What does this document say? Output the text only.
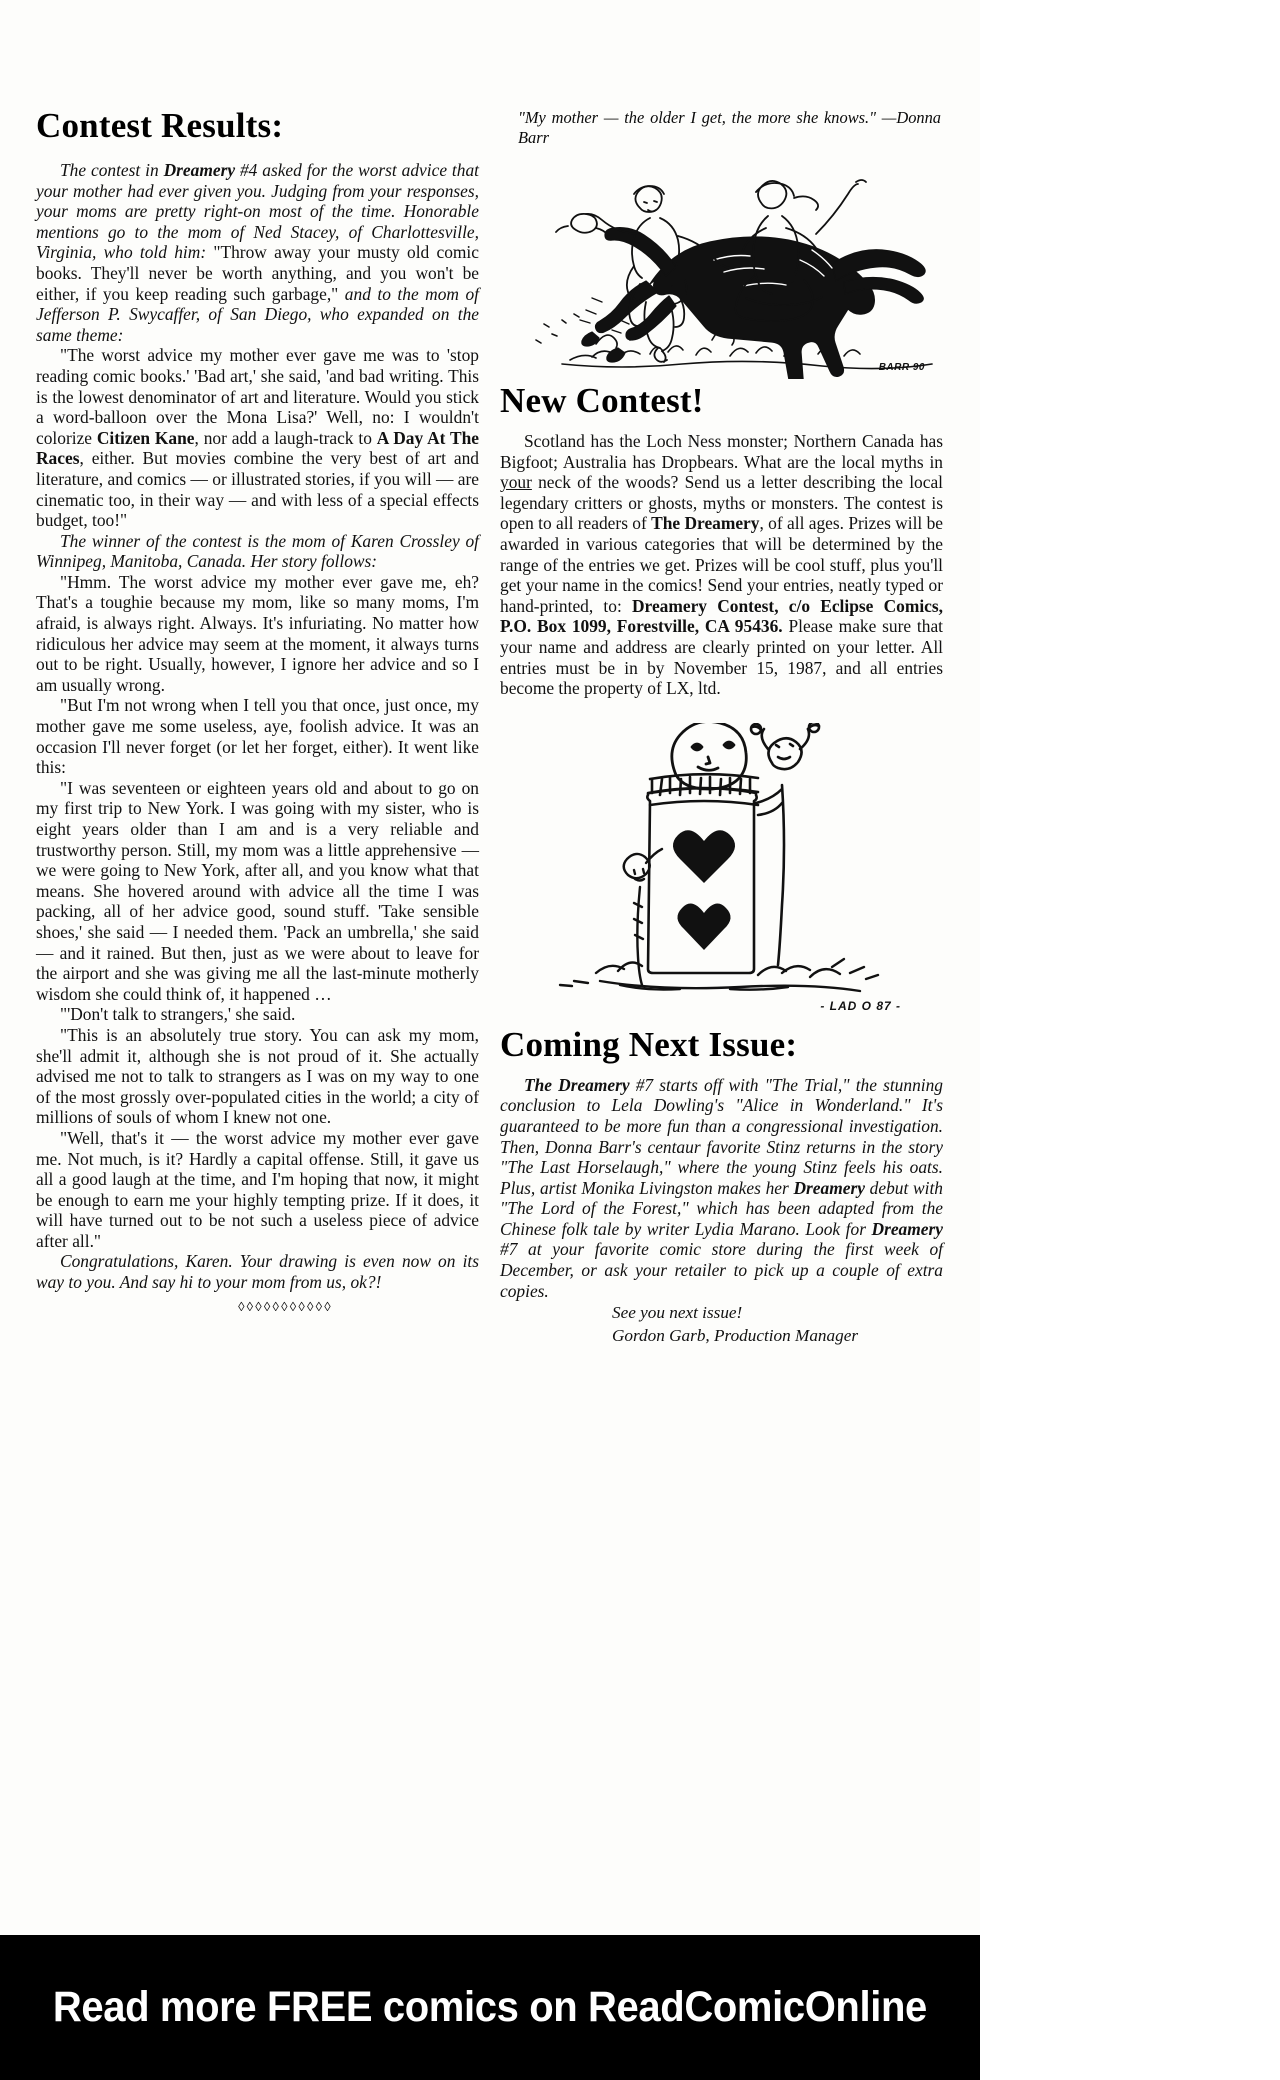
Contest Results:

The contest in Dreamery #4 asked for the worst advice that your mother had ever given you. Judging from your responses, your moms are pretty right-on most of the time. Honorable mentions go to the mom of Ned Stacey, of Charlottesville, Virginia, who told him: "Throw away your musty old comic books. They'll never be worth anything, and you won't be either, if you keep reading such garbage," and to the mom of Jefferson P. Swycaffer, of San Diego, who expanded on the same theme:

"The worst advice my mother ever gave me was to 'stop reading comic books.' 'Bad art,' she said, 'and bad writing. This is the lowest denominator of art and literature. Would you stick a word-balloon over the Mona Lisa?' Well, no: I wouldn't colorize Citizen Kane, nor add a laugh-track to A Day At The Races, either. But movies combine the very best of art and literature, and comics — or illustrated stories, if you will — are cinematic too, in their way — and with less of a special effects budget, too!"

The winner of the contest is the mom of Karen Crossley of Winnipeg, Manitoba, Canada. Her story follows:

"Hmm. The worst advice my mother ever gave me, eh? That's a toughie because my mom, like so many moms, I'm afraid, is always right. Always. It's infuriating. No matter how ridiculous her advice may seem at the moment, it always turns out to be right. Usually, however, I ignore her advice and so I am usually wrong.

"But I'm not wrong when I tell you that once, just once, my mother gave me some useless, aye, foolish advice. It was an occasion I'll never forget (or let her forget, either). It went like this:

"I was seventeen or eighteen years old and about to go on my first trip to New York. I was going with my sister, who is eight years older than I am and is a very reliable and trustworthy person. Still, my mom was a little apprehensive — we were going to New York, after all, and you know what that means. She hovered around with advice all the time I was packing, all of her advice good, sound stuff. 'Take sensible shoes,' she said — I needed them. 'Pack an umbrella,' she said — and it rained. But then, just as we were about to leave for the airport and she was giving me all the last-minute motherly wisdom she could think of, it happened …

"'Don't talk to strangers,' she said.

"This is an absolutely true story. You can ask my mom, she'll admit it, although she is not proud of it. She actually advised me not to talk to strangers as I was on my way to one of the most grossly over-populated cities in the world; a city of millions of souls of whom I knew not one.

"Well, that's it — the worst advice my mother ever gave me. Not much, is it? Hardly a capital offense. Still, it gave us all a good laugh at the time, and I'm hoping that now, it might be enough to earn me your highly tempting prize. If it does, it will have turned out to be not such a useless piece of advice after all."

Congratulations, Karen. Your drawing is even now on its way to you. And say hi to your mom from us, ok?!

◊◊◊◊◊◊◊◊◊◊◊
"My mother — the older I get, the more she knows." —Donna Barr
BARR 90
New Contest!

Scotland has the Loch Ness monster; Northern Canada has Bigfoot; Australia has Dropbears. What are the local myths in your neck of the woods? Send us a letter describing the local legendary critters or ghosts, myths or monsters. The contest is open to all readers of The Dreamery, of all ages. Prizes will be awarded in various categories that will be determined by the range of the entries we get. Prizes will be cool stuff, plus you'll get your name in the comics! Send your entries, neatly typed or hand-printed, to: Dreamery Contest, c/o Eclipse Comics, P.O. Box 1099, Forestville, CA 95436. Please make sure that your name and address are clearly printed on your letter. All entries must be in by November 15, 1987, and all entries become the property of LX, ltd.

- LAD O 87 -
Coming Next Issue:

The Dreamery #7 starts off with "The Trial," the stunning conclusion to Lela Dowling's "Alice in Wonderland." It's guaranteed to be more fun than a congressional investigation. Then, Donna Barr's centaur favorite Stinz returns in the story "The Last Horselaugh," where the young Stinz feels his oats. Plus, artist Monika Livingston makes her Dreamery debut with "The Lord of the Forest," which has been adapted from the Chinese folk tale by writer Lydia Marano. Look for Dreamery #7 at your favorite comic store during the first week of December, or ask your retailer to pick up a couple of extra copies.

See you next issue!

Gordon Garb, Production Manager

Read more FREE comics on ReadComicOnline
